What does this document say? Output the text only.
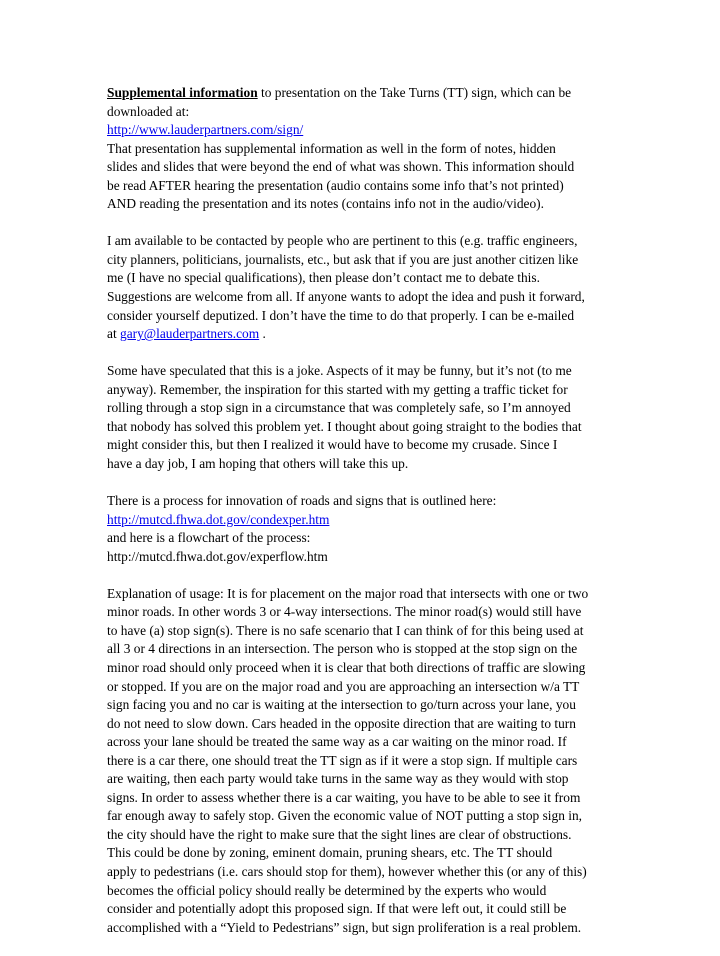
Supplemental information to presentation on the Take Turns (TT) sign, which can be
downloaded at:
http://www.lauderpartners.com/sign/
That presentation has supplemental information as well in the form of notes, hidden
slides and slides that were beyond the end of what was shown. This information should
be read AFTER hearing the presentation (audio contains some info that’s not printed)
AND reading the presentation and its notes (contains info not in the audio/video).
I am available to be contacted by people who are pertinent to this (e.g. traffic engineers,
city planners, politicians, journalists, etc., but ask that if you are just another citizen like
me (I have no special qualifications), then please don’t contact me to debate this.
Suggestions are welcome from all. If anyone wants to adopt the idea and push it forward,
consider yourself deputized. I don’t have the time to do that properly. I can be e-mailed
at gary@lauderpartners.com .
Some have speculated that this is a joke. Aspects of it may be funny, but it’s not (to me
anyway). Remember, the inspiration for this started with my getting a traffic ticket for
rolling through a stop sign in a circumstance that was completely safe, so I’m annoyed
that nobody has solved this problem yet. I thought about going straight to the bodies that
might consider this, but then I realized it would have to become my crusade. Since I
have a day job, I am hoping that others will take this up.
There is a process for innovation of roads and signs that is outlined here:
http://mutcd.fhwa.dot.gov/condexper.htm
and here is a flowchart of the process:
http://mutcd.fhwa.dot.gov/experflow.htm
Explanation of usage: It is for placement on the major road that intersects with one or two
minor roads. In other words 3 or 4-way intersections. The minor road(s) would still have
to have (a) stop sign(s). There is no safe scenario that I can think of for this being used at
all 3 or 4 directions in an intersection. The person who is stopped at the stop sign on the
minor road should only proceed when it is clear that both directions of traffic are slowing
or stopped. If you are on the major road and you are approaching an intersection w/a TT
sign facing you and no car is waiting at the intersection to go/turn across your lane, you
do not need to slow down. Cars headed in the opposite direction that are waiting to turn
across your lane should be treated the same way as a car waiting on the minor road. If
there is a car there, one should treat the TT sign as if it were a stop sign. If multiple cars
are waiting, then each party would take turns in the same way as they would with stop
signs. In order to assess whether there is a car waiting, you have to be able to see it from
far enough away to safely stop. Given the economic value of NOT putting a stop sign in,
the city should have the right to make sure that the sight lines are clear of obstructions.
This could be done by zoning, eminent domain, pruning shears, etc. The TT should
apply to pedestrians (i.e. cars should stop for them), however whether this (or any of this)
becomes the official policy should really be determined by the experts who would
consider and potentially adopt this proposed sign. If that were left out, it could still be
accomplished with a “Yield to Pedestrians” sign, but sign proliferation is a real problem.
